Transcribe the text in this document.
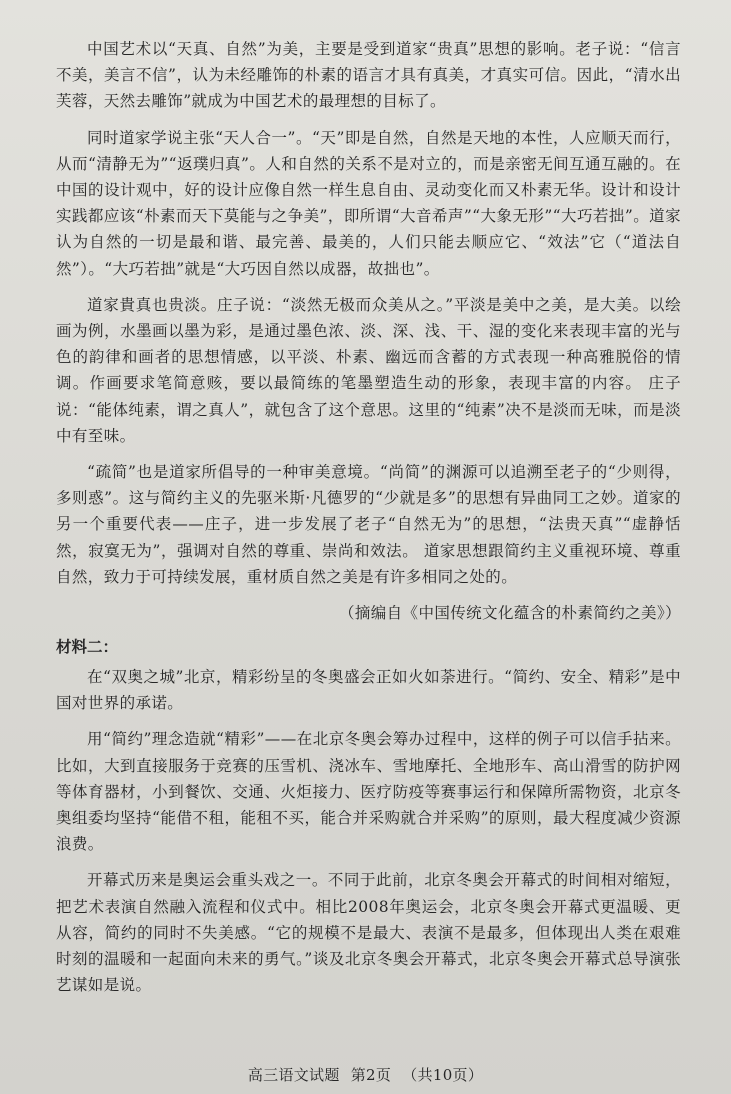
中国艺术以“天真、自然”为美，主要是受到道家“贵真”思想的影响。老子说：“信言不美，美言不信”，认为未经雕饰的朴素的语言才具有真美，才真实可信。因此，“清水出芙蓉，天然去雕饰”就成为中国艺术的最理想的目标了。

同时道家学说主张“天人合一”。“天”即是自然，自然是天地的本性，人应顺天而行，从而“清静无为”“返璞归真”。人和自然的关系不是对立的，而是亲密无间互通互融的。在中国的设计观中，好的设计应像自然一样生息自由、灵动变化而又朴素无华。设计和设计实践都应该“朴素而天下莫能与之争美”，即所谓“大音希声”“大象无形”“大巧若拙”。道家认为自然的一切是最和谐、最完善、最美的，人们只能去顺应它、“效法”它（“道法自然”）。“大巧若拙”就是“大巧因自然以成器，故拙也”。

道家貴真也贵淡。庄子说：“淡然无极而众美从之。”平淡是美中之美，是大美。以绘画为例，水墨画以墨为彩，是通过墨色浓、淡、深、浅、干、湿的变化来表现丰富的光与色的韵律和画者的思想情感，以平淡、朴素、幽远而含蓄的方式表现一种高雅脱俗的情调。作画要求笔简意赅，要以最简练的笔墨塑造生动的形象，表现丰富的内容。 庄子说：“能体纯素，谓之真人”，就包含了这个意思。这里的“纯素”决不是淡而无味，而是淡中有至味。

“疏简”也是道家所倡导的一种审美意境。“尚简”的渊源可以追溯至老子的“少则得，多则惑”。这与简约主义的先驱米斯·凡德罗的“少就是多”的思想有异曲同工之妙。道家的另一个重要代表——庄子，进一步发展了老子“自然无为”的思想，“法贵天真”“虚静恬然，寂寞无为”，强调对自然的尊重、崇尚和效法。 道家思想跟简约主义重视环境、尊重自然，致力于可持续发展，重材质自然之美是有许多相同之处的。

（摘编自《中国传统文化蕴含的朴素简约之美》）

材料二：

在“双奥之城”北京，精彩纷呈的冬奥盛会正如火如荼进行。“简约、安全、精彩”是中国对世界的承诺。

用“简约”理念造就“精彩”——在北京冬奥会筹办过程中，这样的例子可以信手拈来。比如，大到直接服务于竞赛的压雪机、浇冰车、雪地摩托、全地形车、高山滑雪的防护网等体育器材，小到餐饮、交通、火炬接力、医疗防疫等赛事运行和保障所需物资，北京冬奥组委均坚持“能借不租，能租不买，能合并采购就合并采购”的原则，最大程度减少资源浪费。

开幕式历来是奥运会重头戏之一。不同于此前，北京冬奥会开幕式的时间相对缩短，把艺术表演自然融入流程和仪式中。相比2008年奥运会，北京冬奥会开幕式更温暖、更从容，简约的同时不失美感。“它的规模不是最大、表演不是最多，但体现出人类在艰难时刻的温暖和一起面向未来的勇气。”谈及北京冬奥会开幕式，北京冬奥会开幕式总导演张艺谋如是说。

高三语文试题 第2页 （共10页）
